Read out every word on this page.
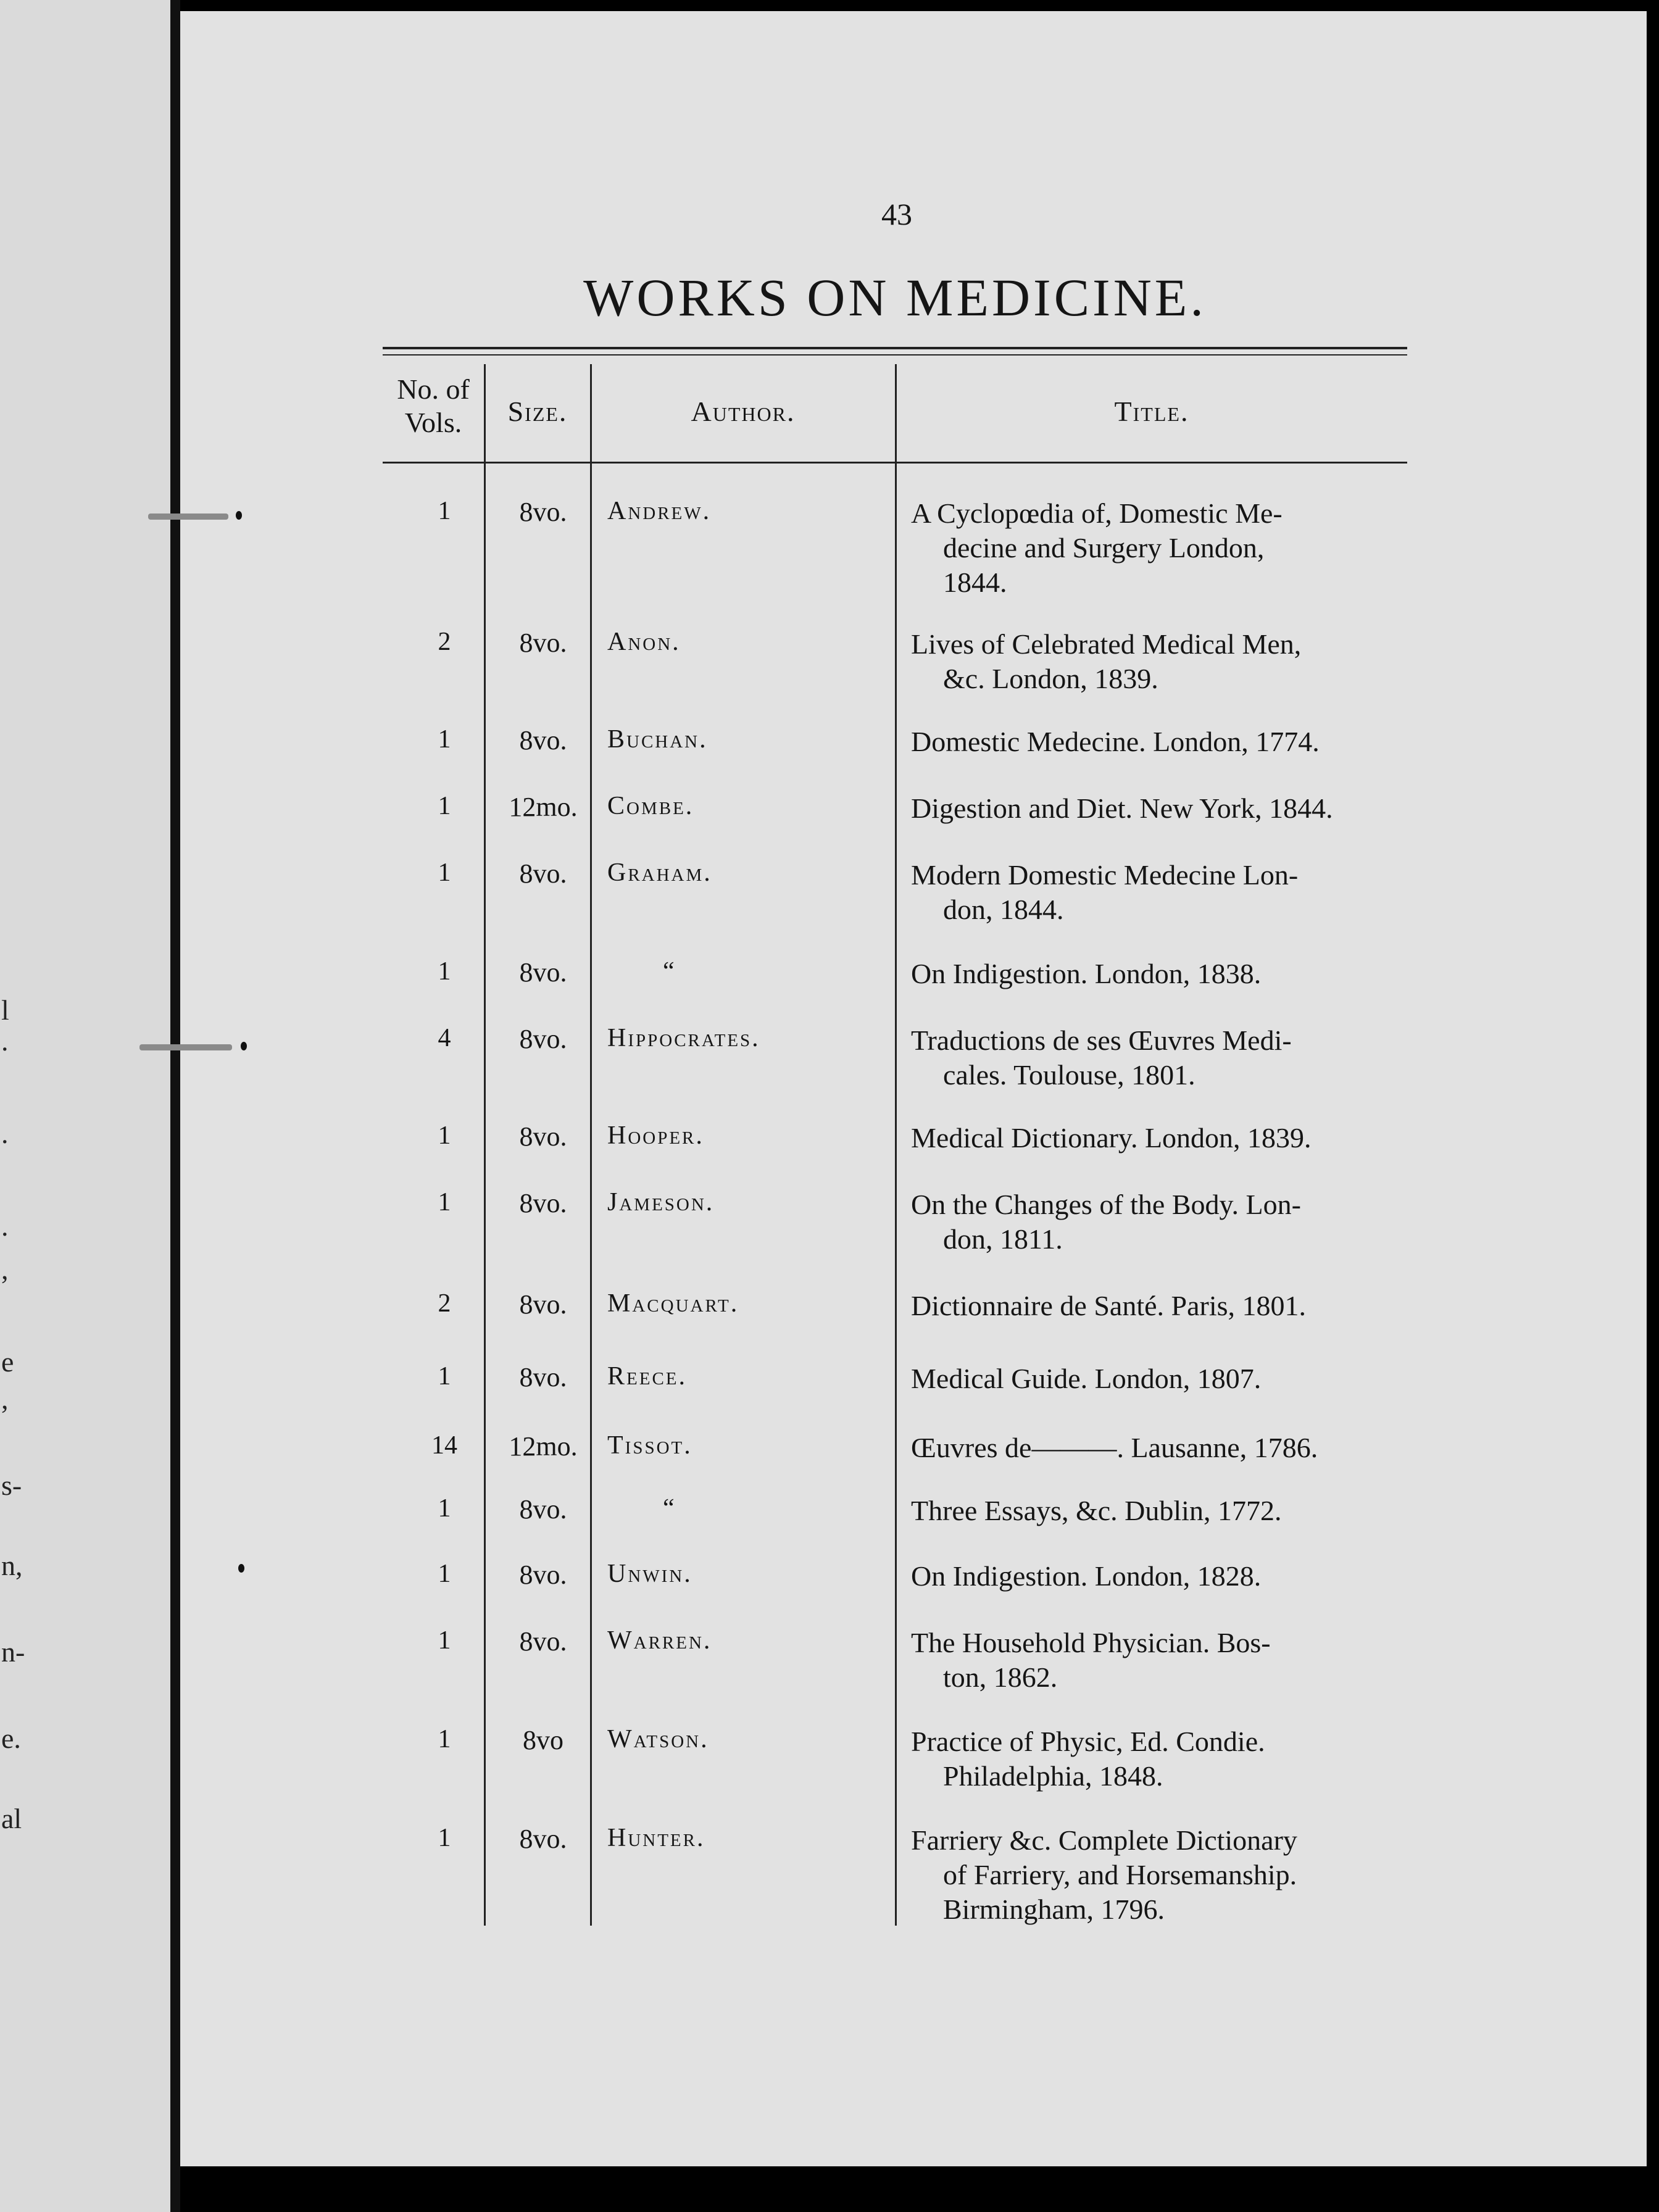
l
.
.
.
,
e
,
s-
n,
n-
e.
al
43
WORKS ON MEDICINE.
No. of
Vols.	Size.	Author.	Title.
1	8vo.	Andrew.	A Cyclopœdia of, Domestic Me-
decine and Surgery London,
1844.
2	8vo.	Anon.	Lives of Celebrated Medical Men,
&c. London, 1839.
1	8vo.	Buchan.	Domestic Medecine. London, 1774.
1	12mo.	Combe.	Digestion and Diet. New York, 1844.
1	8vo.	Graham.	Modern Domestic Medecine Lon-
don, 1844.
1	8vo.	“	On Indigestion. London, 1838.
4	8vo.	Hippocrates.	Traductions de ses Œuvres Medi-
cales. Toulouse, 1801.
1	8vo.	Hooper.	Medical Dictionary. London, 1839.
1	8vo.	Jameson.	On the Changes of the Body. Lon-
don, 1811.
2	8vo.	Macquart.	Dictionnaire de Santé. Paris, 1801.
1	8vo.	Reece.	Medical Guide. London, 1807.
14	12mo.	Tissot.	Œuvres de———. Lausanne, 1786.
1	8vo.	“	Three Essays, &c. Dublin, 1772.
1	8vo.	Unwin.	On Indigestion. London, 1828.
1	8vo.	Warren.	The Household Physician. Bos-
ton, 1862.
1	8vo	Watson.	Practice of Physic, Ed. Condie.
Philadelphia, 1848.
1	8vo.	Hunter.	Farriery &c. Complete Dictionary
of Farriery, and Horsemanship.
Birmingham, 1796.
